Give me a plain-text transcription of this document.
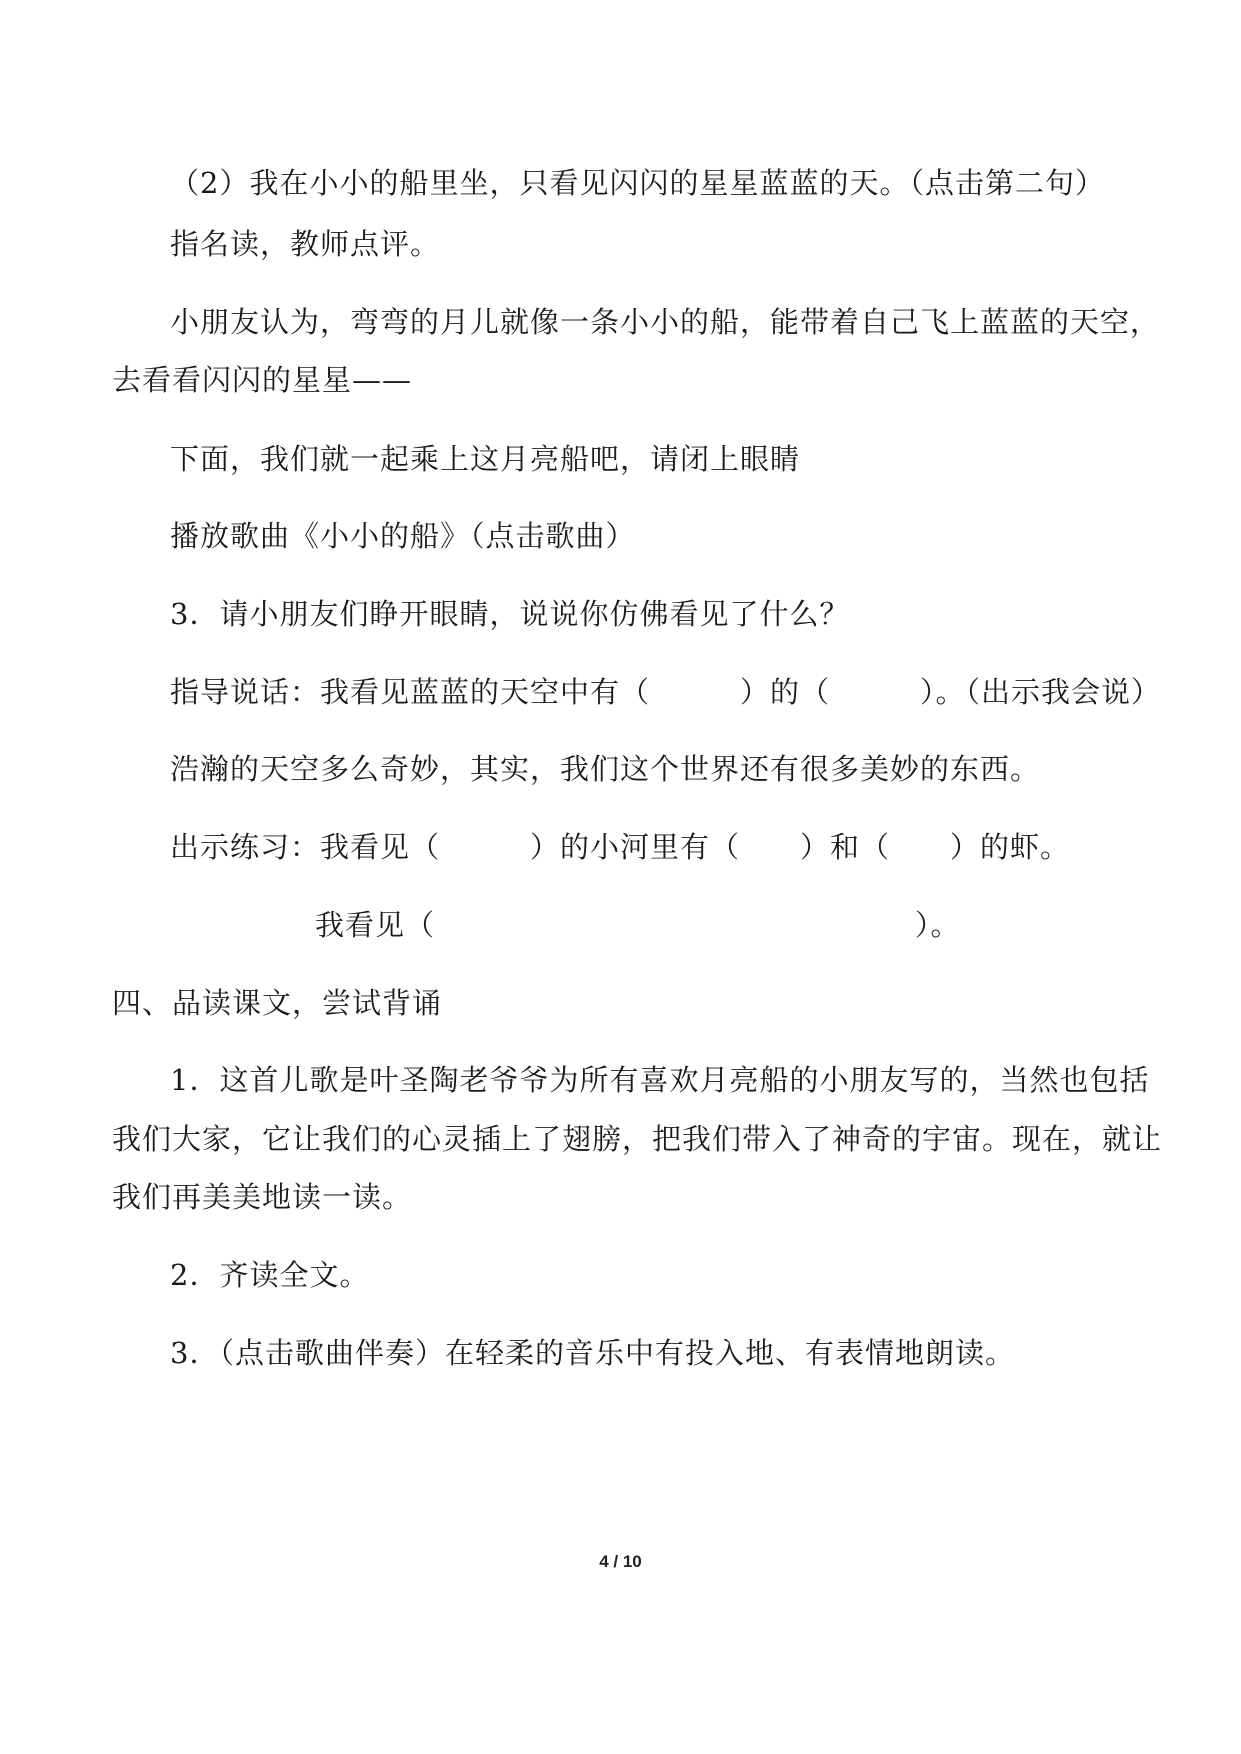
（2）我在小小的船里坐，只看见闪闪的星星蓝蓝的天。（点击第二句）
指名读，教师点评。
小朋友认为，弯弯的月儿就像一条小小的船，能带着自己飞上蓝蓝的天空，
去看看闪闪的星星——
下面，我们就一起乘上这月亮船吧，请闭上眼睛
播放歌曲《小小的船》（点击歌曲）
3．请小朋友们睁开眼睛，说说你仿佛看见了什么？
指导说话：我看见蓝蓝的天空中有（　　　）的（　　　）。（出示我会说）
浩瀚的天空多么奇妙，其实，我们这个世界还有很多美妙的东西。
出示练习：我看见（　　　）的小河里有（　　）和（　　）的虾。
我看见（　　　　　　　　　　　　　　　　）。
四、品读课文，尝试背诵
1．这首儿歌是叶圣陶老爷爷为所有喜欢月亮船的小朋友写的，当然也包括
我们大家，它让我们的心灵插上了翅膀，把我们带入了神奇的宇宙。现在，就让
我们再美美地读一读。
2．齐读全文。
3．（点击歌曲伴奏）在轻柔的音乐中有投入地、有表情地朗读。
4 / 10
